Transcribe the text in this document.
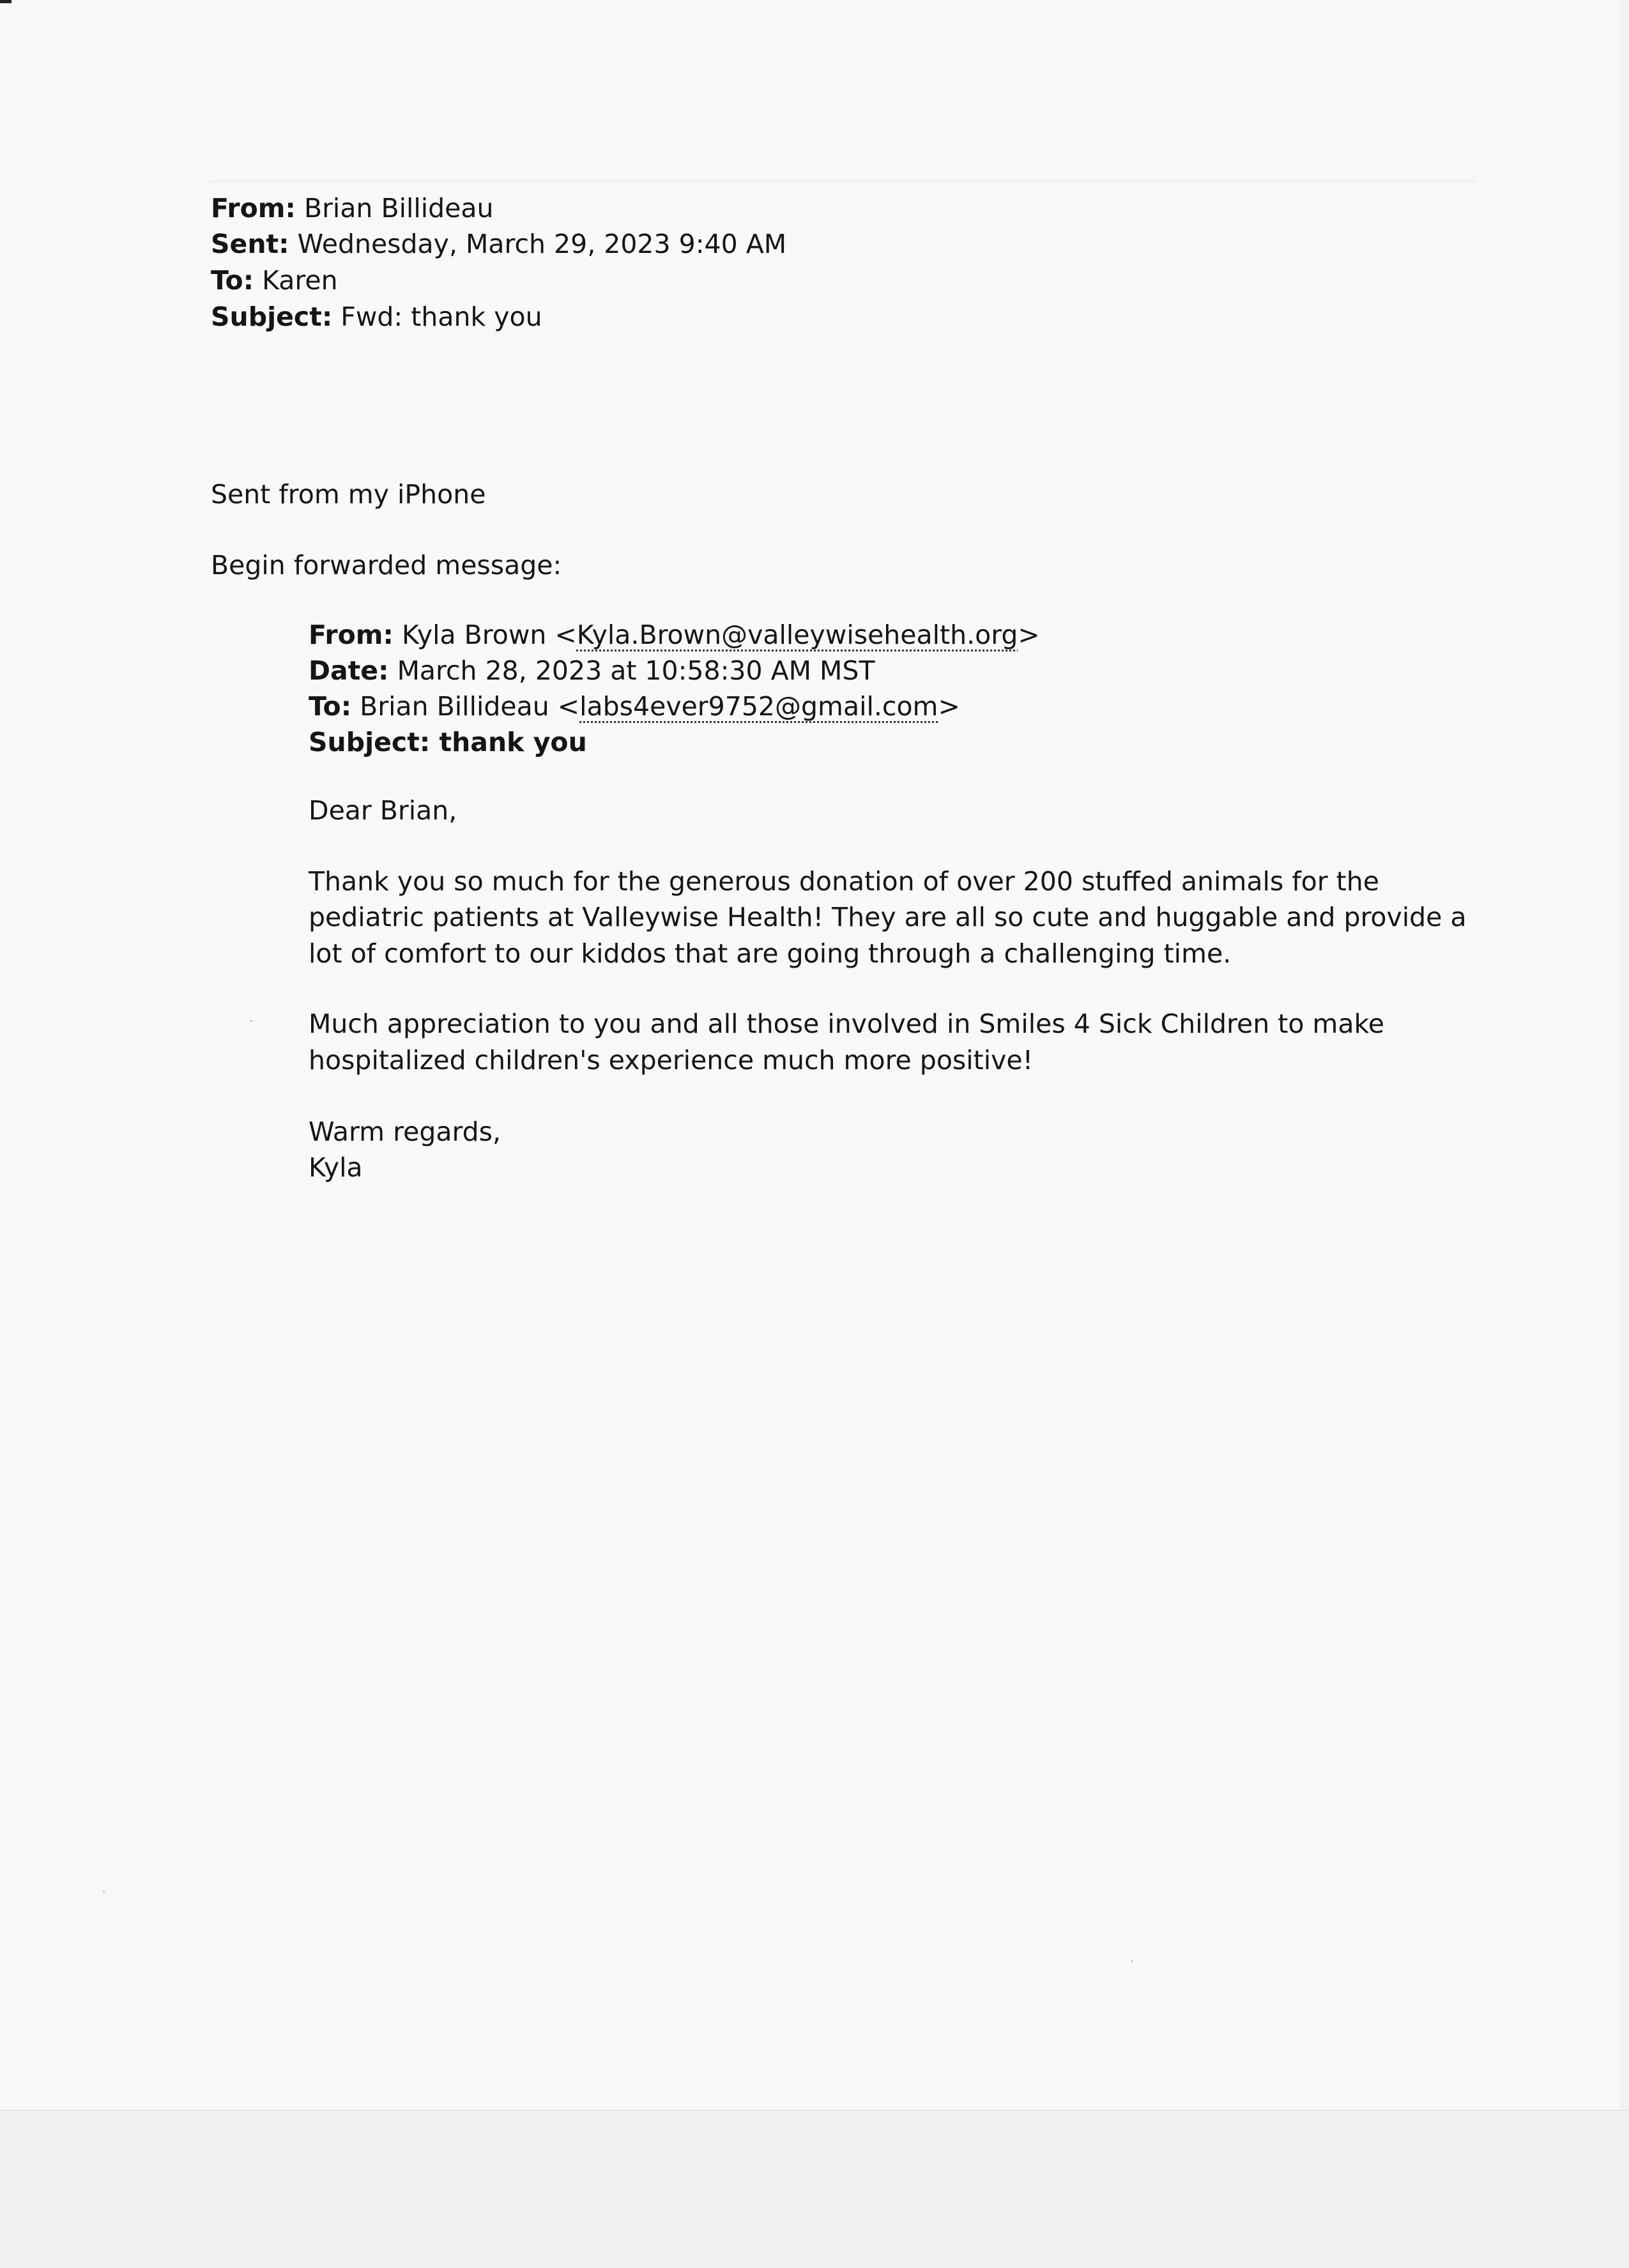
From: Brian Billideau
Sent: Wednesday, March 29, 2023 9:40 AM
To: Karen
Subject: Fwd: thank you
Sent from my iPhone
Begin forwarded message:
From: Kyla Brown <Kyla.Brown@valleywisehealth.org>
Date: March 28, 2023 at 10:58:30 AM MST
To: Brian Billideau <labs4ever9752@gmail.com>
Subject: thank you
Dear Brian,
Thank you so much for the generous donation of over 200 stuffed animals for the
pediatric patients at Valleywise Health! They are all so cute and huggable and provide a
lot of comfort to our kiddos that are going through a challenging time.
Much appreciation to you and all those involved in Smiles 4 Sick Children to make
hospitalized children's experience much more positive!
Warm regards,
Kyla
